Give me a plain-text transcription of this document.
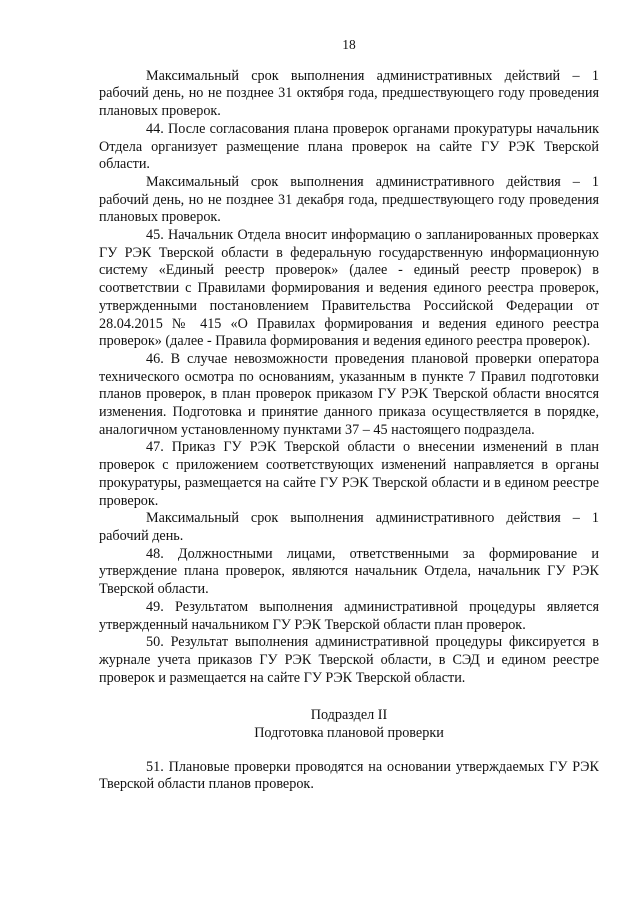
18

Максимальный срок выполнения административных действий – 1 рабочий день, но не позднее 31 октября года, предшествующего году проведения плановых проверок.

44. После согласования плана проверок органами прокуратуры начальник Отдела организует размещение плана проверок на сайте ГУ РЭК Тверской области.

Максимальный срок выполнения административного действия – 1 рабочий день, но не позднее 31 декабря года, предшествующего году проведения плановых проверок.

45. Начальник Отдела вносит информацию о запланированных проверках ГУ РЭК Тверской области в федеральную государственную информационную систему «Единый реестр проверок» (далее - единый реестр проверок) в соответствии с Правилами формирования и ведения единого реестра проверок, утвержденными постановлением Правительства Российской Федерации от 28.04.2015 № 415 «О Правилах формирования и ведения единого реестра проверок» (далее - Правила формирования и ведения единого реестра проверок).

46. В случае невозможности проведения плановой проверки оператора технического осмотра по основаниям, указанным в пункте 7 Правил подготовки планов проверок, в план проверок приказом ГУ РЭК Тверской области вносятся изменения. Подготовка и принятие данного приказа осуществляется в порядке, аналогичном установленному пунктами 37 – 45 настоящего подраздела.

47. Приказ ГУ РЭК Тверской области о внесении изменений в план проверок с приложением соответствующих изменений направляется в органы прокуратуры, размещается на сайте ГУ РЭК Тверской области и в едином реестре проверок.

Максимальный срок выполнения административного действия – 1 рабочий день.

48. Должностными лицами, ответственными за формирование и утверждение плана проверок, являются начальник Отдела, начальник ГУ РЭК Тверской области.

49. Результатом выполнения административной процедуры является утвержденный начальником ГУ РЭК Тверской области план проверок.

50. Результат выполнения административной процедуры фиксируется в журнале учета приказов ГУ РЭК Тверской области, в СЭД и едином реестре проверок и размещается на сайте ГУ РЭК Тверской области.

Подраздел II

Подготовка плановой проверки

51. Плановые проверки проводятся на основании утверждаемых ГУ РЭК Тверской области планов проверок.
